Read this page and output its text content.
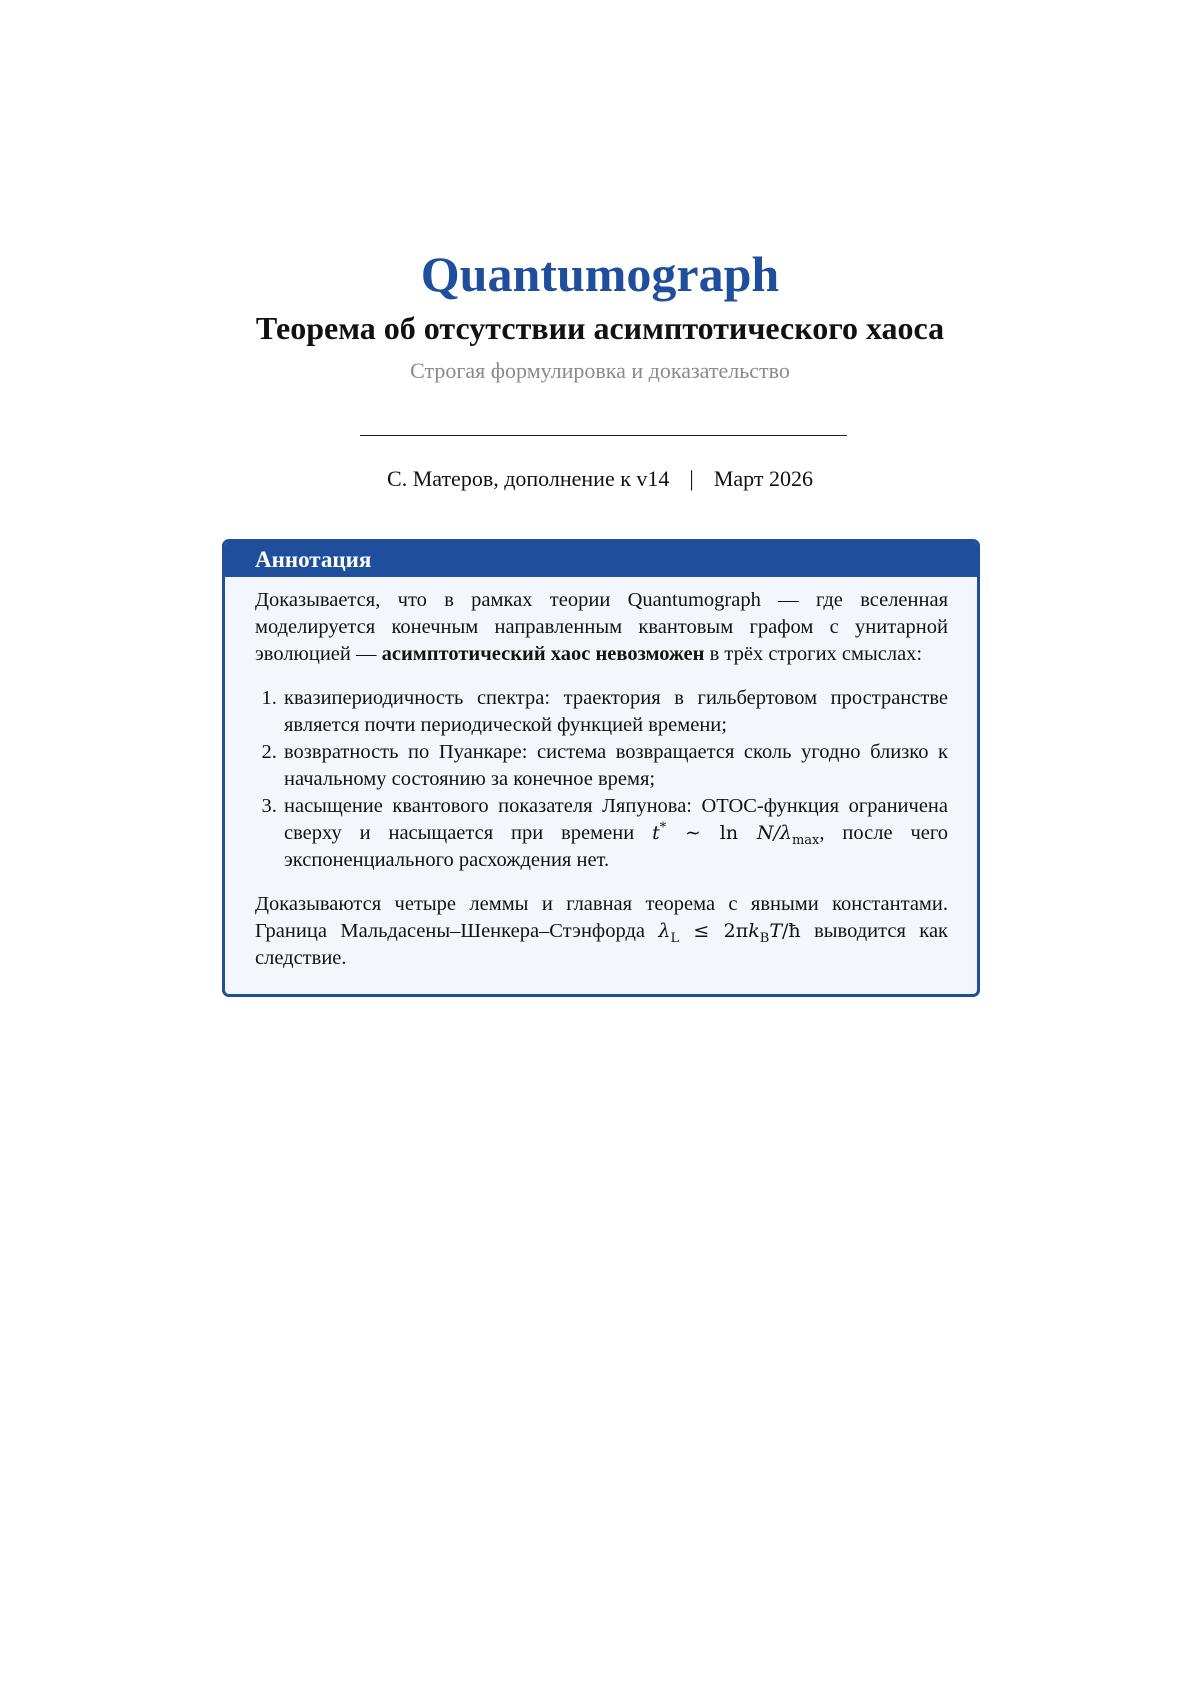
Quantumograph
Теорема об отсутствии асимптотического хаоса
Строгая формулировка и доказательство
С. Матеров, дополнение к v14 | Март 2026
Аннотация

Доказывается, что в рамках теории Quantumograph — где вселенная моделируется конечным направленным квантовым графом с унитарной эволюцией — асимптотический хаос невозможен в трёх строгих смыслах:

1. квазипериодичность спектра: траектория в гильбертовом пространстве является почти периодической функцией времени;
2. возвратность по Пуанкаре: система возвращается сколь угодно близко к начальному состоянию за конечное время;
3. насыщение квантового показателя Ляпунова: OTOC-функция ограничена сверху и насыщается при времени t* ∼ $\ln N/\lambda_{max}$, после чего экспоненциального расхождения нет.

Доказываются четыре леммы и главная теорема с явными константами. Граница Мальдасены–Шенкера–Стэнфорда $\lambda_L$ ≤ $2\pi k_BT/ħ$ выводится как следствие.
